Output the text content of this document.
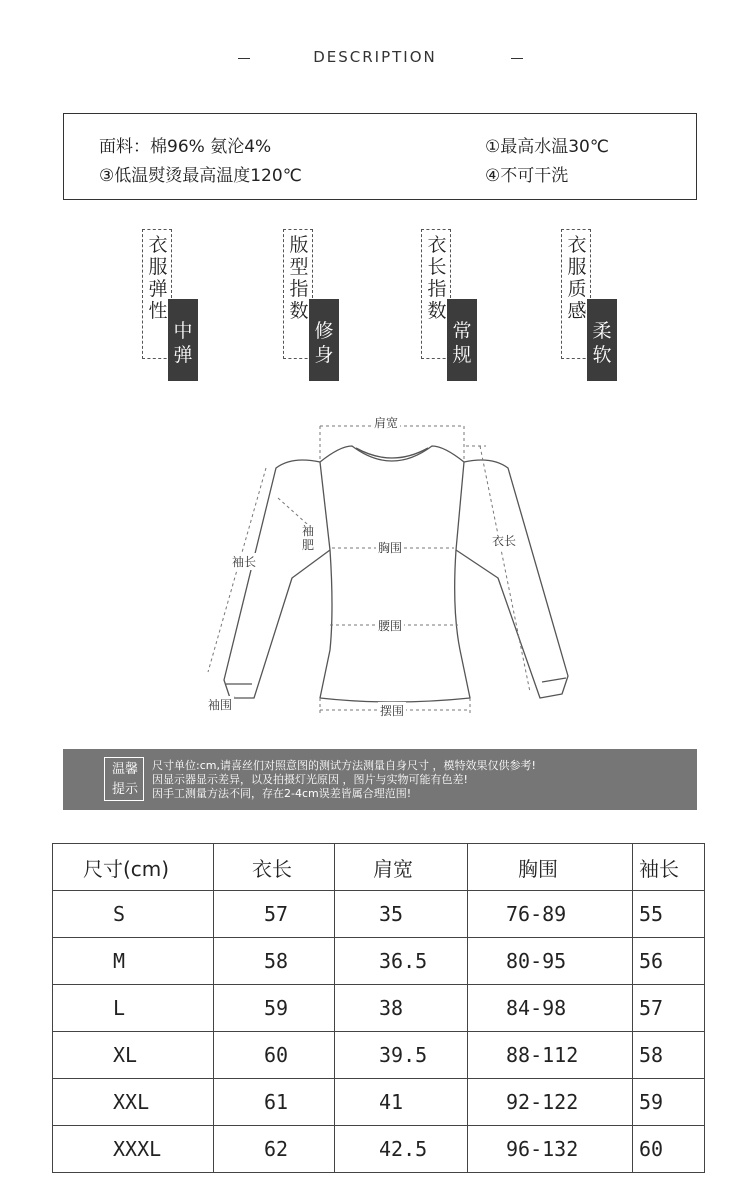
DESCRIPTION
面料：棉96% 氨沦4%
③低温熨烫最高温度120℃
①最高水温30℃
④不可干洗
衣服弹性
中弹
版型指数
修身
衣长指数
常规
衣服质感
柔软
肩宽
袖肥	胸围
腰围
衣长
袖长
袖围	摆围
温馨
提示
尺寸单位:cm,请喜丝们对照意图的测试方法测量自身尺寸 ，模特效果仅供参考!
因显示器显示差异，以及拍摄灯光原因 ，图片与实物可能有色差!
因手工测量方法不同，存在2-4cm误差皆属合理范围!
尺寸(cm)	衣长	肩宽	胸围	袖长
S	57	35	76-89	55
M	58	36.5	80-95	56
L	59	38	84-98	57
XL	60	39.5	88-112	58
XXL	61	41	92-122	59
XXXL	62	42.5	96-132	60
